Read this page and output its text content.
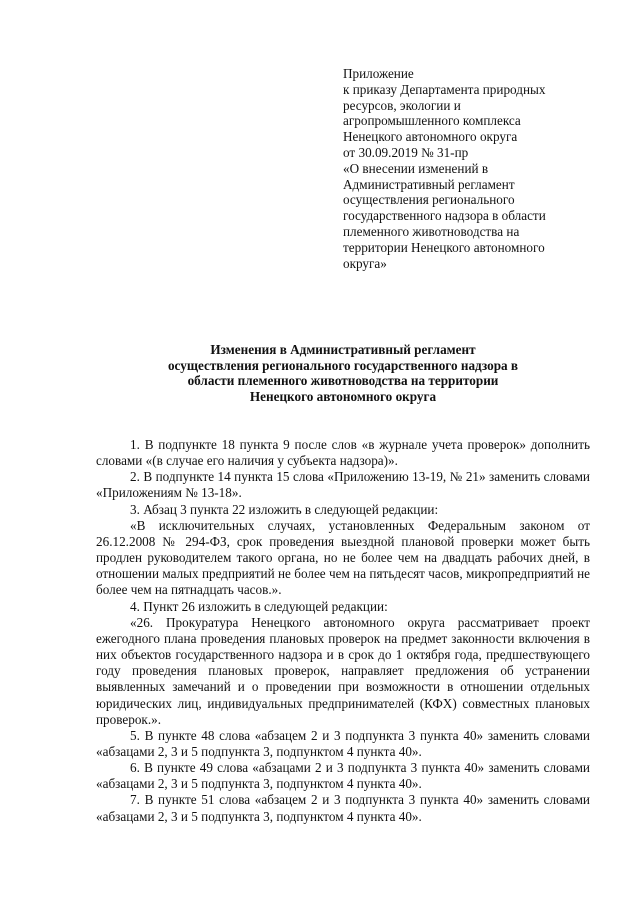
Приложение
к приказу Департамента природных
ресурсов, экологии и
агропромышленного комплекса
Ненецкого автономного округа
от 30.09.2019 № 31-пр
«О внесении изменений в
Административный регламент
осуществления регионального
государственного надзора в области
племенного животноводства на
территории Ненецкого автономного
округа»
Изменения в Административный регламент
осуществления регионального государственного надзора в
области племенного животноводства на территории
Ненецкого автономного округа

1. В подпункте 18 пункта 9 после слов «в журнале учета проверок» дополнить словами «(в случае его наличия у субъекта надзора)».

2. В подпункте 14 пункта 15 слова «Приложению 13-19, № 21» заменить словами «Приложениям № 13-18».

3. Абзац 3 пункта 22 изложить в следующей редакции:

«В исключительных случаях, установленных Федеральным законом от 26.12.2008 № 294-ФЗ, срок проведения выездной плановой проверки может быть продлен руководителем такого органа, но не более чем на двадцать рабочих дней, в отношении малых предприятий не более чем на пятьдесят часов, микропредприятий не более чем на пятнадцать часов.».

4. Пункт 26 изложить в следующей редакции:

«26. Прокуратура Ненецкого автономного округа рассматривает проект ежегодного плана проведения плановых проверок на предмет законности включения в них объектов государственного надзора и в срок до 1 октября года, предшествующего году проведения плановых проверок, направляет предложения об устранении выявленных замечаний и о проведении при возможности в отношении отдельных юридических лиц, индивидуальных предпринимателей (КФХ) совместных плановых проверок.».

5. В пункте 48 слова «абзацем 2 и 3 подпункта 3 пункта 40» заменить словами «абзацами 2, 3 и 5 подпункта 3, подпунктом 4 пункта 40».

6. В пункте 49 слова «абзацами 2 и 3 подпункта 3 пункта 40» заменить словами «абзацами 2, 3 и 5 подпункта 3, подпунктом 4 пункта 40».

7. В пункте 51 слова «абзацем 2 и 3 подпункта 3 пункта 40» заменить словами «абзацами 2, 3 и 5 подпункта 3, подпунктом 4 пункта 40».
